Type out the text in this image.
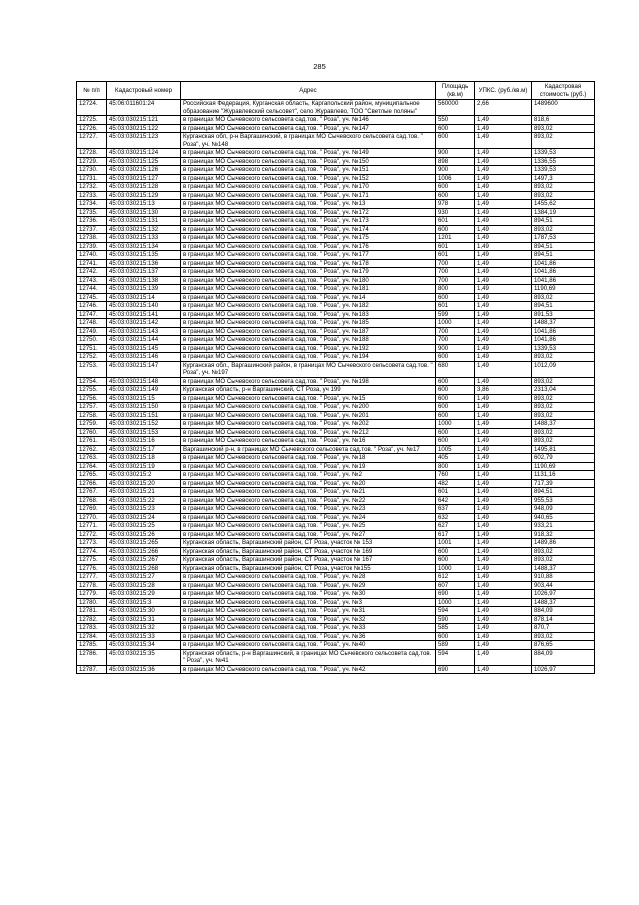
285
№ п/п	Кадастровый номер	Адрес	Площадь (кв.м)	УПКС. (руб./кв.м)	Кадастровая стоимость (руб.)
12724.	45:06:011601:24	Российская Федерация, Курганская область, Каргапольский район, муниципальное образование "Журавлевский сельсовет", село Журавлево, ТОО "Светлые поляны"	560000	2,66	1489600
12725.	45:03:030215:121	в границах МО Сычевского сельсовета сад.тов. " Роза", уч. №146	550	1,49	818,6
12726.	45:03:030215:122	в границах МО Сычевского сельсовета сад.тов. " Роза", уч. №147	600	1,49	893,02
12727.	45:03:030215:123	Курганская обл, р-н Варгашинский, в границах МО Сычевского сельсовета сад.тов. " Роза", уч. №148	600	1,49	893,02
12728.	45:03:030215:124	в границах МО Сычевского сельсовета сад.тов. " Роза", уч. №149	900	1,49	1339,53
12729.	45:03:030215:125	в границах МО Сычевского сельсовета сад.тов. " Роза", уч. №150	898	1,49	1336,55
12730.	45:03:030215:126	в границах МО Сычевского сельсовета сад.тов. " Роза", уч. №151	900	1,49	1339,53
12731.	45:03:030215:127	в границах МО Сычевского сельсовета сад.тов. " Роза", уч. №152	1006	1,49	1497,3
12732.	45:03:030215:128	в границах МО Сычевского сельсовета сад.тов. " Роза", уч. №170	600	1,49	893,02
12733.	45:03:030215:129	в границах МО Сычевского сельсовета сад.тов. " Роза", уч. №171	600	1,49	893,02
12734.	45:03:030215:13	в границах МО Сычевского сельсовета сад.тов. " Роза", уч. №13	978	1,49	1455,62
12735.	45:03:030215:130	в границах МО Сычевского сельсовета сад.тов. " Роза", уч. №172	930	1,49	1384,19
12736.	45:03:030215:131	в границах МО Сычевского сельсовета сад.тов. " Роза", уч. №173	601	1,49	894,51
12737.	45:03:030215:132	в границах МО Сычевского сельсовета сад.тов. " Роза", уч. №174	600	1,49	893,02
12738.	45:03:030215:133	в границах МО Сычевского сельсовета сад.тов. " Роза", уч. №175	1201	1,49	1787,53
12739.	45:03:030215:134	в границах МО Сычевского сельсовета сад.тов. " Роза", уч. №176	601	1,49	894,51
12740.	45:03:030215:135	в границах МО Сычевского сельсовета сад.тов. " Роза", уч. №177	601	1,49	894,51
12741.	45:03:030215:136	в границах МО Сычевского сельсовета сад.тов. " Роза", уч. №178	700	1,49	1041,86
12742.	45:03:030215:137	в границах МО Сычевского сельсовета сад.тов. " Роза", уч. №179	700	1,49	1041,86
12743.	45:03:030215:138	в границах МО Сычевского сельсовета сад.тов. " Роза", уч. №180	700	1,49	1041,86
12744.	45:03:030215:139	в границах МО Сычевского сельсовета сад.тов. " Роза", уч. №181	800	1,49	1190,69
12745.	45:03:030215:14	в границах МО Сычевского сельсовета сад.тов. " Роза", уч. №14	600	1,49	893,02
12746.	45:03:030215:140	в границах МО Сычевского сельсовета сад.тов. " Роза", уч. №182	601	1,49	894,51
12747.	45:03:030215:141	в границах МО Сычевского сельсовета сад.тов. " Роза", уч. №183	599	1,49	891,53
12748.	45:03:030215:142	в границах МО Сычевского сельсовета сад.тов. " Роза", уч. №185	1000	1,49	1488,37
12749.	45:03:030215:143	в границах МО Сычевского сельсовета сад.тов. " Роза", уч. №187	700	1,49	1041,86
12750.	45:03:030215:144	в границах МО Сычевского сельсовета сад.тов. " Роза", уч. №188	700	1,49	1041,86
12751.	45:03:030215:145	в границах МО Сычевского сельсовета сад.тов. " Роза", уч. №192	900	1,49	1339,53
12752.	45:03:030215:146	в границах МО Сычевского сельсовета сад.тов. " Роза", уч. №194	600	1,49	893,02
12753.	45:03:030215:147	Курганская обл., Варгашинский район, в границах МО Сычевского сельсовета сад.тов. " Роза", уч. №197	680	1,49	1012,09
12754.	45:03:030215:148	в границах МО Сычевского сельсовета сад.тов. " Роза", уч. №198	600	1,49	893,02
12755.	45:03:030215:149	Курганская область, р-н Варгашинский, СТ Роза, уч 199	600	3,86	2313,04
12756.	45:03:030215:15	в границах МО Сычевского сельсовета сад.тов. " Роза", уч. №15	600	1,49	893,02
12757.	45:03:030215:150	в границах МО Сычевского сельсовета сад.тов. " Роза", уч. №200	600	1,49	893,02
12758.	45:03:030215:151	в границах МО Сычевского сельсовета сад.тов. " Роза", уч. №201	600	1,49	893,02
12759.	45:03:030215:152	в границах МО Сычевского сельсовета сад.тов. " Роза", уч. №202	1000	1,49	1488,37
12760.	45:03:030215:153	в границах МО Сычевского сельсовета сад.тов. " Роза", уч. №212	600	1,49	893,02
12761.	45:03:030215:16	в границах МО Сычевского сельсовета сад.тов. " Роза", уч. №16	600	1,49	893,02
12762.	45:03:030215:17	Варгашинский р-н, в границах МО Сычевского сельсовета сад.тов. " Роза", уч. №17	1005	1,49	1495,81
12763.	45:03:030215:18	в границах МО Сычевского сельсовета сад.тов. " Роза", уч. №18	405	1,49	602,79
12764.	45:03:030215:19	в границах МО Сычевского сельсовета сад.тов. " Роза", уч. №19	800	1,49	1190,69
12765.	45:03:030215:2	в границах МО Сычевского сельсовета сад.тов. " Роза", уч. №2	760	1,49	1131,16
12766.	45:03:030215:20	в границах МО Сычевского сельсовета сад.тов. " Роза", уч. №20	482	1,49	717,39
12767.	45:03:030215:21	в границах МО Сычевского сельсовета сад.тов. " Роза", уч. №21	601	1,49	894,51
12768.	45:03:030215:22	в границах МО Сычевского сельсовета сад.тов. " Роза", уч. №22	642	1,49	955,53
12769.	45:03:030215:23	в границах МО Сычевского сельсовета сад.тов. " Роза", уч. №23	637	1,49	948,09
12770.	45:03:030215:24	в границах МО Сычевского сельсовета сад.тов. " Роза", уч. №24	632	1,49	940,65
12771.	45:03:030215:25	в границах МО Сычевского сельсовета сад.тов. " Роза", уч. №25	627	1,49	933,21
12772.	45:03:030215:26	в границах МО Сычевского сельсовета сад.тов. " Роза", уч. №27	617	1,49	918,32
12773.	45:03:030215:265	Курганская область, Варгашинский район, СТ Роза, участок № 153	1001	1,49	1489,86
12774.	45:03:030215:266	Курганская область, Варгашинский район, СТ Роза, участок № 169	600	1,49	893,02
12775.	45:03:030215:267	Курганская область, Варгашинский район, СТ Роза, участок № 167	600	1,49	893,02
12776.	45:03:030215:268	Курганская область, Варгашинский район, СТ Роза, участок №155	1000	1,49	1488,37
12777.	45:03:030215:27	в границах МО Сычевского сельсовета сад.тов. " Роза", уч. №28	612	1,49	910,88
12778.	45:03:030215:28	в границах МО Сычевского сельсовета сад.тов. " Роза", уч. №29	607	1,49	903,44
12779.	45:03:030215:29	в границах МО Сычевского сельсовета сад.тов. " Роза", уч. №30	690	1,49	1026,97
12780.	45:03:030215:3	в границах МО Сычевского сельсовета сад.тов. " Роза", уч. №3	1000	1,49	1488,37
12781.	45:03:030215:30	в границах МО Сычевского сельсовета сад.тов. " Роза", уч. №31	594	1,49	884,09
12782.	45:03:030215:31	в границах МО Сычевского сельсовета сад.тов. " Роза", уч. №32	590	1,49	878,14
12783.	45:03:030215:32	в границах МО Сычевского сельсовета сад.тов. " Роза", уч. №33	585	1,49	870,7
12784.	45:03:030215:33	в границах МО Сычевского сельсовета сад.тов. " Роза", уч. №36	600	1,49	893,02
12785.	45:03:030215:34	в границах МО Сычевского сельсовета сад.тов. " Роза", уч. №40	589	1,49	876,65
12786.	45:03:030215:35	Курганская область, р-н Варгашинский, в границах МО Сычевского сельсовета сад.тов. " Роза", уч. №41	594	1,49	884,09
12787.	45:03:030215:36	в границах МО Сычевского сельсовета сад.тов. " Роза", уч. №42	690	1,49	1026,97
